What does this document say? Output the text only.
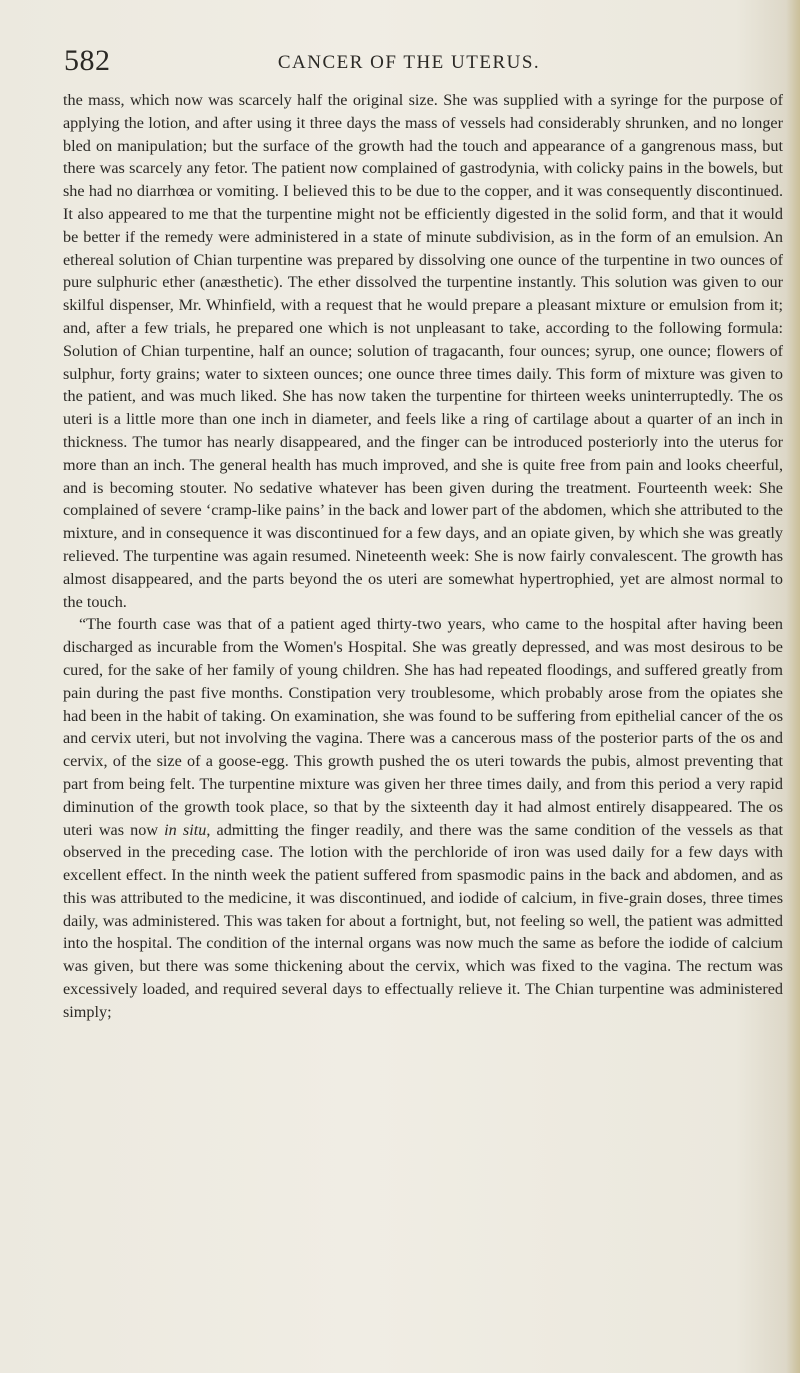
582	CANCER OF THE UTERUS.

the mass, which now was scarcely half the original size. She was supplied with a syringe for the purpose of applying the lotion, and after using it three days the mass of vessels had considerably shrunken, and no longer bled on manipulation; but the surface of the growth had the touch and appearance of a gangrenous mass, but there was scarcely any fetor. The patient now complained of gastrodynia, with colicky pains in the bowels, but she had no diarrhœa or vomiting. I believed this to be due to the copper, and it was consequently discontinued. It also appeared to me that the turpentine might not be efficiently digested in the solid form, and that it would be better if the remedy were administered in a state of minute subdivision, as in the form of an emulsion. An ethereal solution of Chian turpentine was prepared by dissolving one ounce of the turpentine in two ounces of pure sulphuric ether (anæsthetic). The ether dissolved the turpentine instantly. This solution was given to our skilful dispenser, Mr. Whinfield, with a request that he would prepare a pleasant mixture or emulsion from it; and, after a few trials, he prepared one which is not unpleasant to take, according to the following formula: Solution of Chian turpentine, half an ounce; solution of tragacanth, four ounces; syrup, one ounce; flowers of sulphur, forty grains; water to sixteen ounces; one ounce three times daily. This form of mixture was given to the patient, and was much liked. She has now taken the turpentine for thirteen weeks uninterruptedly. The os uteri is a little more than one inch in diameter, and feels like a ring of cartilage about a quarter of an inch in thickness. The tumor has nearly disappeared, and the finger can be introduced posteriorly into the uterus for more than an inch. The general health has much improved, and she is quite free from pain and looks cheerful, and is becoming stouter. No sedative whatever has been given during the treatment. Fourteenth week: She complained of severe ‘cramp-like pains’ in the back and lower part of the abdomen, which she attributed to the mixture, and in consequence it was discontinued for a few days, and an opiate given, by which she was greatly relieved. The turpentine was again resumed. Nineteenth week: She is now fairly convalescent. The growth has almost disappeared, and the parts beyond the os uteri are somewhat hypertrophied, yet are almost normal to the touch.

“The fourth case was that of a patient aged thirty-two years, who came to the hospital after having been discharged as incurable from the Women's Hospital. She was greatly depressed, and was most desirous to be cured, for the sake of her family of young children. She has had repeated floodings, and suffered greatly from pain during the past five months. Constipation very troublesome, which probably arose from the opiates she had been in the habit of taking. On examination, she was found to be suffering from epithelial cancer of the os and cervix uteri, but not involving the vagina. There was a cancerous mass of the posterior parts of the os and cervix, of the size of a goose-egg. This growth pushed the os uteri towards the pubis, almost preventing that part from being felt. The turpentine mixture was given her three times daily, and from this period a very rapid diminution of the growth took place, so that by the sixteenth day it had almost entirely disappeared. The os uteri was now in situ, admitting the finger readily, and there was the same condition of the vessels as that observed in the preceding case. The lotion with the perchloride of iron was used daily for a few days with excellent effect. In the ninth week the patient suffered from spasmodic pains in the back and abdomen, and as this was attributed to the medicine, it was discontinued, and iodide of calcium, in five-grain doses, three times daily, was administered. This was taken for about a fortnight, but, not feeling so well, the patient was admitted into the hospital. The condition of the internal organs was now much the same as before the iodide of calcium was given, but there was some thickening about the cervix, which was fixed to the vagina. The rectum was excessively loaded, and required several days to effectually relieve it. The Chian turpentine was administered simply;
